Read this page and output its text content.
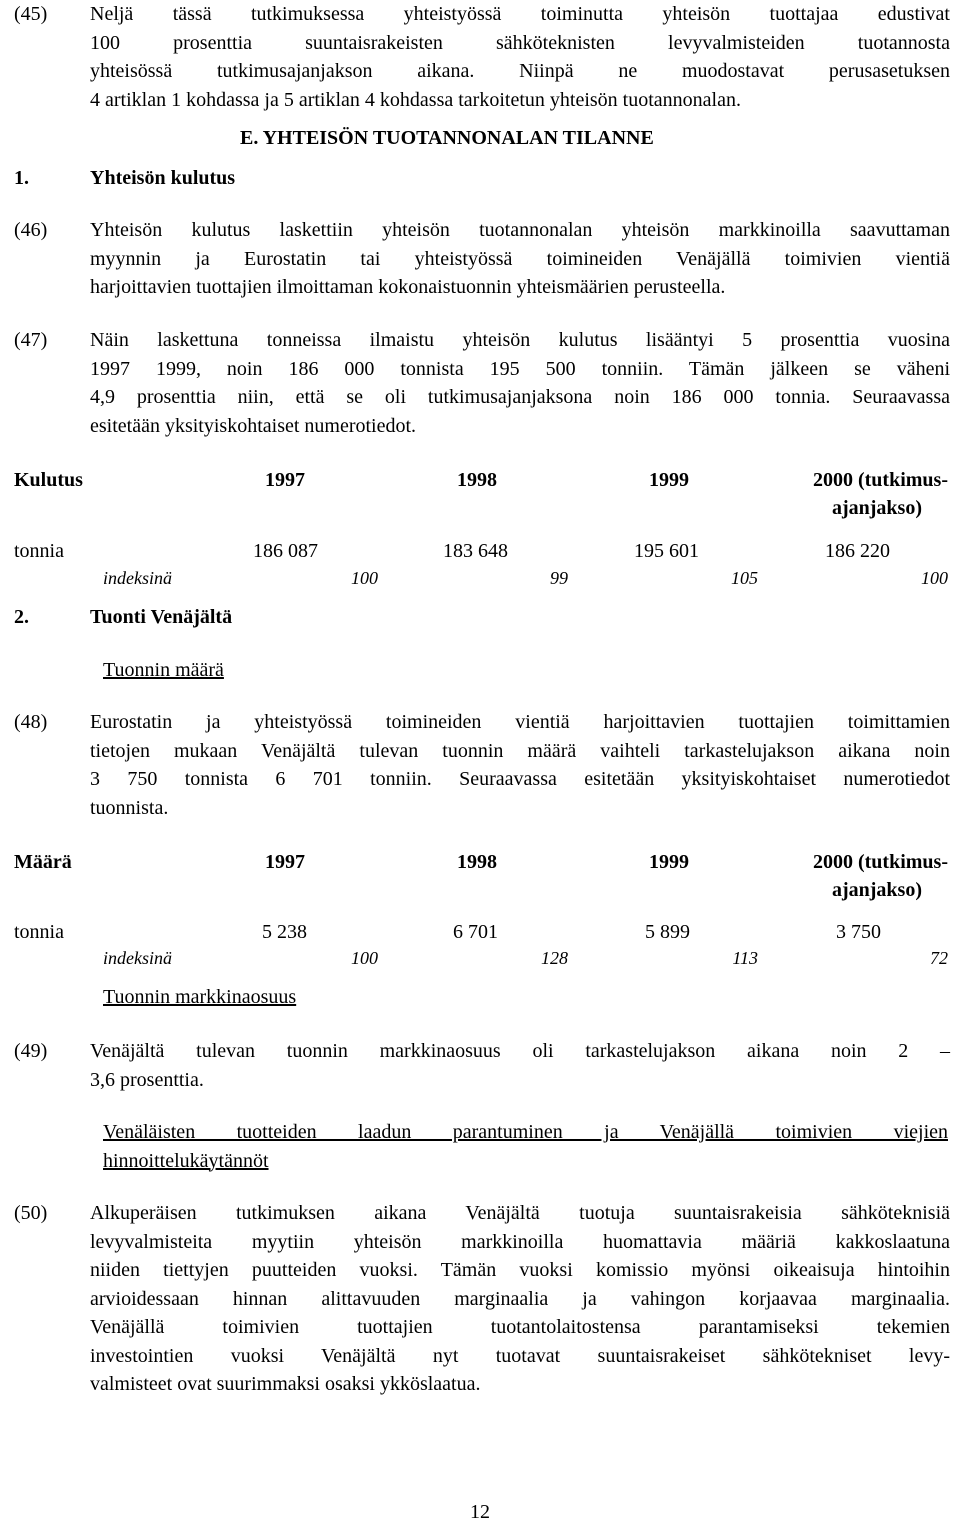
(45) Neljä tässä tutkimuksessa yhteistyössä toiminutta yhteisön tuottajaa edustivat
100 prosenttia suuntaisrakeisten sähköteknisten levyvalmisteiden tuotannosta
yhteisössä tutkimusajanjakson aikana. Niinpä ne muodostavat perusasetuksen
4 artiklan 1 kohdassa ja 5 artiklan 4 kohdassa tarkoitetun yhteisön tuotannonalan.
E. YHTEISÖN TUOTANNONALAN TILANNE
1.	Yhteisön kulutus
(46) Yhteisön kulutus laskettiin yhteisön tuotannonalan yhteisön markkinoilla saavuttaman
myynnin ja Eurostatin tai yhteistyössä toimineiden Venäjällä toimivien vientiä
harjoittavien tuottajien ilmoittaman kokonaistuonnin yhteismäärien perusteella.
(47) Näin laskettuna tonneissa ilmaistu yhteisön kulutus lisääntyi 5 prosenttia vuosina
1997 1999, noin 186 000 tonnista 195 500 tonniin. Tämän jälkeen se väheni
4,9 prosenttia niin, että se oli tutkimusajanjaksona noin 186 000 tonnia. Seuraavassa
esitetään yksityiskohtaiset numerotiedot.
Kulutus	1997	1998	1999	2000 (tutkimus-
ajanjakso)
tonnia	186 087	183 648	195 601	186 220
indeksinä	100	99	105	100
2.	Tuonti Venäjältä
Tuonnin määrä
(48) Eurostatin ja yhteistyössä toimineiden vientiä harjoittavien tuottajien toimittamien
tietojen mukaan Venäjältä tulevan tuonnin määrä vaihteli tarkastelujakson aikana noin
3 750 tonnista 6 701 tonniin. Seuraavassa esitetään yksityiskohtaiset numerotiedot
tuonnista.
Määrä	1997	1998	1999	2000 (tutkimus-
ajanjakso)
tonnia	5 238	6 701	5 899	3 750
indeksinä	100	128	113	72
Tuonnin markkinaosuus
(49) Venäjältä tulevan tuonnin markkinaosuus oli tarkastelujakson aikana noin 2 –
3,6 prosenttia.
Venäläisten tuotteiden laadun parantuminen ja Venäjällä toimivien viejien
hinnoittelukäytännöt
(50) Alkuperäisen tutkimuksen aikana Venäjältä tuotuja suuntaisrakeisia sähköteknisiä
levyvalmisteita myytiin yhteisön markkinoilla huomattavia määriä kakkoslaatuna
niiden tiettyjen puutteiden vuoksi. Tämän vuoksi komissio myönsi oikeaisuja hintoihin
arvioidessaan hinnan alittavuuden marginaalia ja vahingon korjaavaa marginaalia.
Venäjällä toimivien tuottajien tuotantolaitostensa parantamiseksi tekemien
investointien vuoksi Venäjältä nyt tuotavat suuntaisrakeiset sähkötekniset levy-
valmisteet ovat suurimmaksi osaksi ykköslaatua.
12
